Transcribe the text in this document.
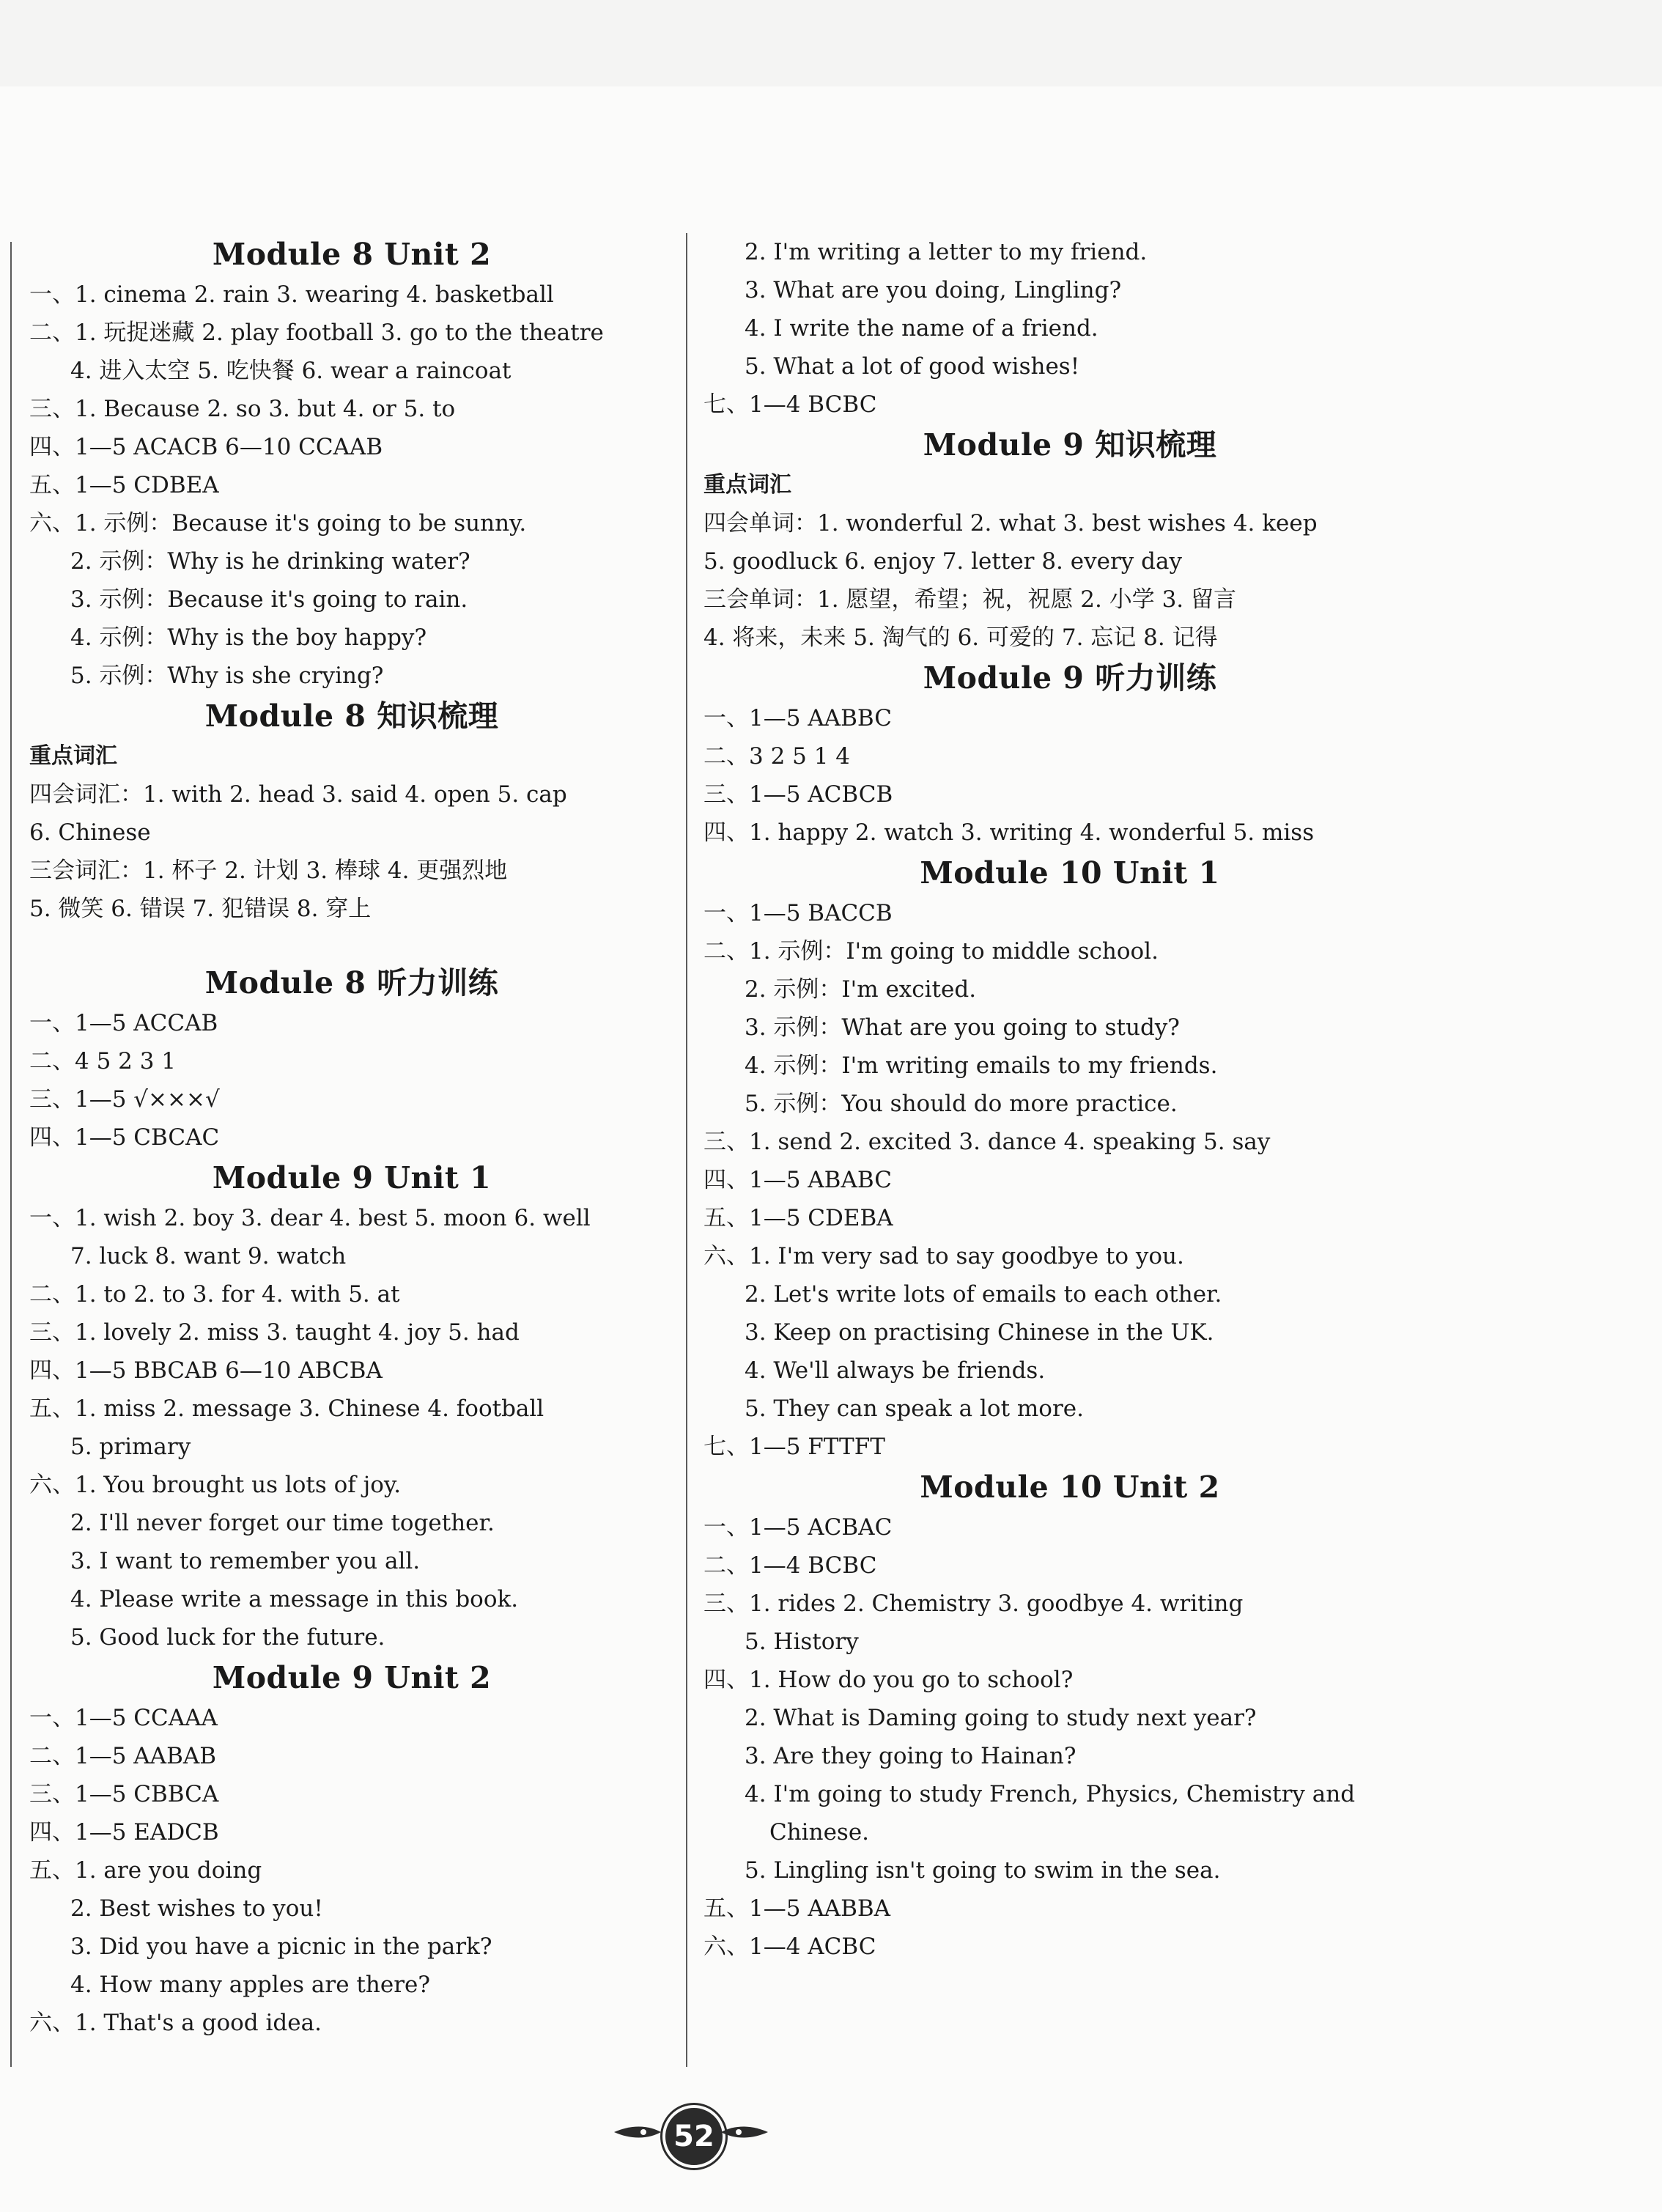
Module 8 Unit 2
一、1. cinema 2. rain 3. wearing 4. basketball
二、1. 玩捉迷藏 2. play football 3. go to the theatre
4. 进入太空 5. 吃快餐 6. wear a raincoat
三、1. Because 2. so 3. but 4. or 5. to
四、1—5 ACACB 6—10 CCAAB
五、1—5 CDBEA
六、1. 示例：Because it's going to be sunny.
2. 示例：Why is he drinking water?
3. 示例：Because it's going to rain.
4. 示例：Why is the boy happy?
5. 示例：Why is she crying?
Module 8 知识梳理
重点词汇
四会词汇：1. with 2. head 3. said 4. open 5. cap
6. Chinese
三会词汇：1. 杯子 2. 计划 3. 棒球 4. 更强烈地
5. 微笑 6. 错误 7. 犯错误 8. 穿上
Module 8 听力训练
一、1—5 ACCAB
二、4 5 2 3 1
三、1—5 √×××√
四、1—5 CBCAC
Module 9 Unit 1
一、1. wish 2. boy 3. dear 4. best 5. moon 6. well
7. luck 8. want 9. watch
二、1. to 2. to 3. for 4. with 5. at
三、1. lovely 2. miss 3. taught 4. joy 5. had
四、1—5 BBCAB 6—10 ABCBA
五、1. miss 2. message 3. Chinese 4. football
5. primary
六、1. You brought us lots of joy.
2. I'll never forget our time together.
3. I want to remember you all.
4. Please write a message in this book.
5. Good luck for the future.
Module 9 Unit 2
一、1—5 CCAAA
二、1—5 AABAB
三、1—5 CBBCA
四、1—5 EADCB
五、1. are you doing
2. Best wishes to you!
3. Did you have a picnic in the park?
4. How many apples are there?
六、1. That's a good idea.
2. I'm writing a letter to my friend.
3. What are you doing, Lingling?
4. I write the name of a friend.
5. What a lot of good wishes!
七、1—4 BCBC
Module 9 知识梳理
重点词汇
四会单词：1. wonderful 2. what 3. best wishes 4. keep
5. goodluck 6. enjoy 7. letter 8. every day
三会单词：1. 愿望，希望；祝，祝愿 2. 小学 3. 留言
4. 将来，未来 5. 淘气的 6. 可爱的 7. 忘记 8. 记得
Module 9 听力训练
一、1—5 AABBC
二、3 2 5 1 4
三、1—5 ACBCB
四、1. happy 2. watch 3. writing 4. wonderful 5. miss
Module 10 Unit 1
一、1—5 BACCB
二、1. 示例：I'm going to middle school.
2. 示例：I'm excited.
3. 示例：What are you going to study?
4. 示例：I'm writing emails to my friends.
5. 示例：You should do more practice.
三、1. send 2. excited 3. dance 4. speaking 5. say
四、1—5 ABABC
五、1—5 CDEBA
六、1. I'm very sad to say goodbye to you.
2. Let's write lots of emails to each other.
3. Keep on practising Chinese in the UK.
4. We'll always be friends.
5. They can speak a lot more.
七、1—5 FTTFT
Module 10 Unit 2
一、1—5 ACBAC
二、1—4 BCBC
三、1. rides 2. Chemistry 3. goodbye 4. writing
5. History
四、1. How do you go to school?
2. What is Daming going to study next year?
3. Are they going to Hainan?
4. I'm going to study French, Physics, Chemistry and
Chinese.
5. Lingling isn't going to swim in the sea.
五、1—5 AABBA
六、1—4 ACBC
52
